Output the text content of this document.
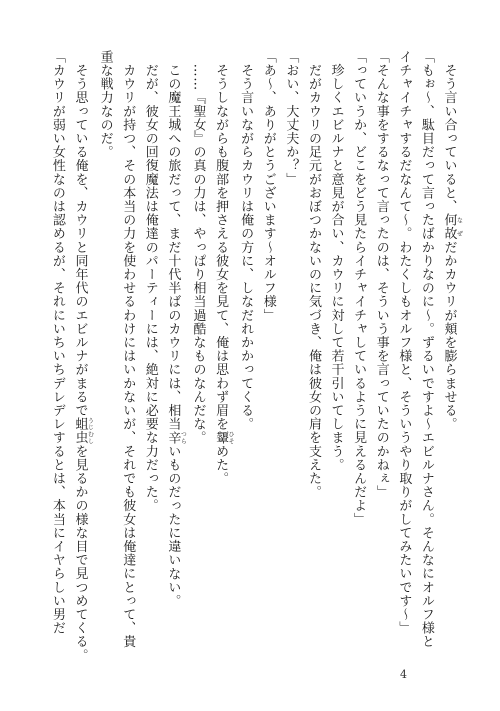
　そう言い合っていると、何故 なぜだかカウリが頬を膨らませる。
「もぉ〜、駄目だって言ったばかりなのに〜。ずるいですよ〜エビルナさん。そんなにオルフ様と
イチャイチャするだなんて〜。わたくしもオルフ様と、そういうやり取りがしてみたいです〜」
「そんな事をするなって言ったのは、そういう事を言っていたのかねぇ」
「っていうか、どこをどう見たらイチャイチャしているように見えるんだよ」
　珍しくエビルナと意見が合い、カウリに対して若干引いてしまう。
　だがカウリの足元がおぼつかないのに気づき、俺は彼女の肩を支えた。
「おい、大丈夫か？」
「あ〜、ありがとうございます〜オルフ様」
　そう言いながらカウリは俺の方に、しなだれかかってくる。
　そうしながらも腹部を押さえる彼女を見て、俺は思わず眉を顰 ひそめた。
　……『聖女』の真の力は、やっぱり相当過酷なものなんだな。
　この魔王城への旅だって、まだ十代半ばのカウリには、相当辛 つらいものだったに違いない。
　だが、彼女の回復魔法は俺達のパーティーには、絶対に必要な力だった。
　カウリが持つ、その本当の力を使わせるわけにはいかないが、それでも彼女は俺達にとって、貴
重な戦力なのだ。
　そう思っている俺を、カウリと同年代のエビルナがまるで蛆虫 うじむしを見るかの様な目で見つめてくる。
「カウリが弱い女性なのは認めるが、それにいちいちデレデレするとは、本当にイヤらしい男だ
4
